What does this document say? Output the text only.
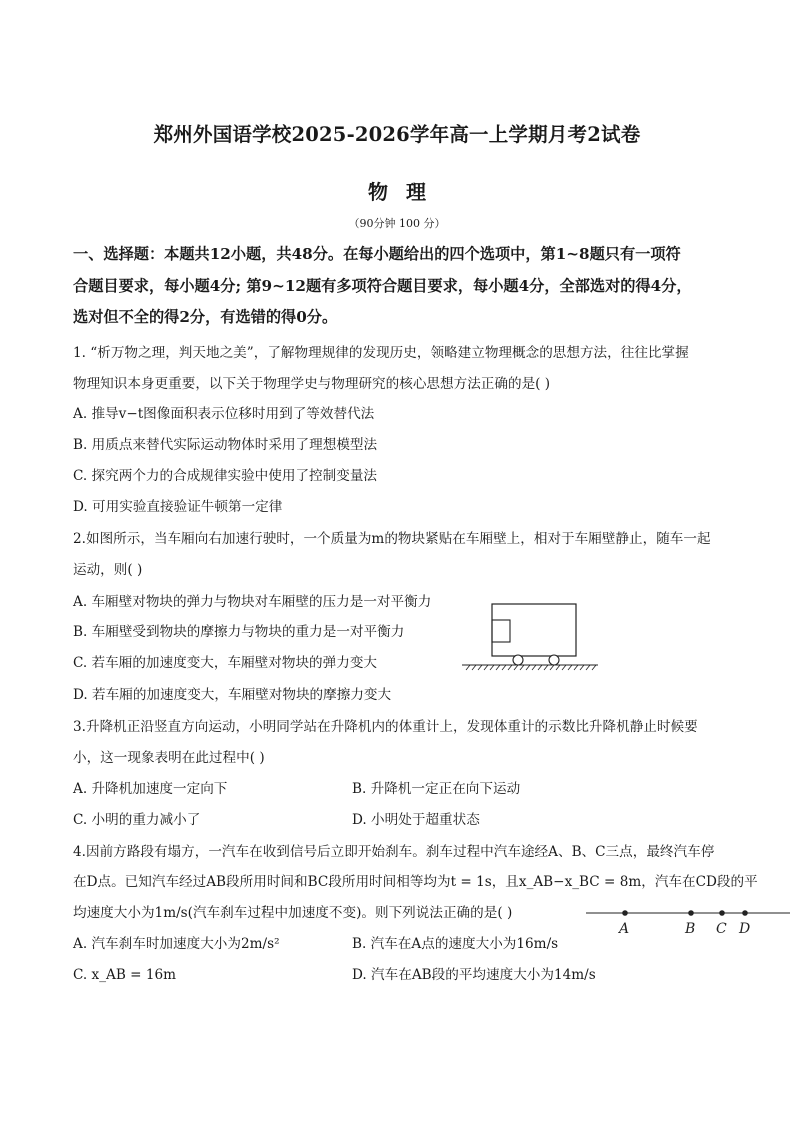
郑州外国语学校2025-2026学年高一上学期月考2试卷
物理
（90分钟 100 分）
一、选择题：本题共12小题，共48分。在每小题给出的四个选项中，第1~8题只有一项符
合题目要求，每小题4分; 第9~12题有多项符合题目要求，每小题4分，全部选对的得4分，
选对但不全的得2分，有选错的得0分。
1. “析万物之理，判天地之美”，了解物理规律的发现历史，领略建立物理概念的思想方法，往往比掌握
物理知识本身更重要，以下关于物理学史与物理研究的核心思想方法正确的是( )
A. 推导v−t图像面积表示位移时用到了等效替代法
B. 用质点来替代实际运动物体时采用了理想模型法
C. 探究两个力的合成规律实验中使用了控制变量法
D. 可用实验直接验证牛顿第一定律
2.如图所示，当车厢向右加速行驶时，一个质量为m的物块紧贴在车厢壁上，相对于车厢壁静止，随车一起
运动，则( )
A. 车厢壁对物块的弹力与物块对车厢壁的压力是一对平衡力
B. 车厢壁受到物块的摩擦力与物块的重力是一对平衡力
C. 若车厢的加速度变大，车厢壁对物块的弹力变大
D. 若车厢的加速度变大，车厢壁对物块的摩擦力变大
3.升降机正沿竖直方向运动，小明同学站在升降机内的体重计上，发现体重计的示数比升降机静止时候要
小，这一现象表明在此过程中( )
A. 升降机加速度一定向下	B. 升降机一定正在向下运动
C. 小明的重力减小了	D. 小明处于超重状态
4.因前方路段有塌方，一汽车在收到信号后立即开始刹车。刹车过程中汽车途经A、B、C三点，最终汽车停
在D点。已知汽车经过AB段所用时间和BC段所用时间相等均为t = 1s，且x_AB−x_BC = 8m，汽车在CD段的平
均速度大小为1m/s(汽车刹车过程中加速度不变)。则下列说法正确的是( )
A. 汽车刹车时加速度大小为2m/s²	B. 汽车在A点的速度大小为16m/s
C. x_AB = 16m	D. 汽车在AB段的平均速度大小为14m/s
A	B C D
